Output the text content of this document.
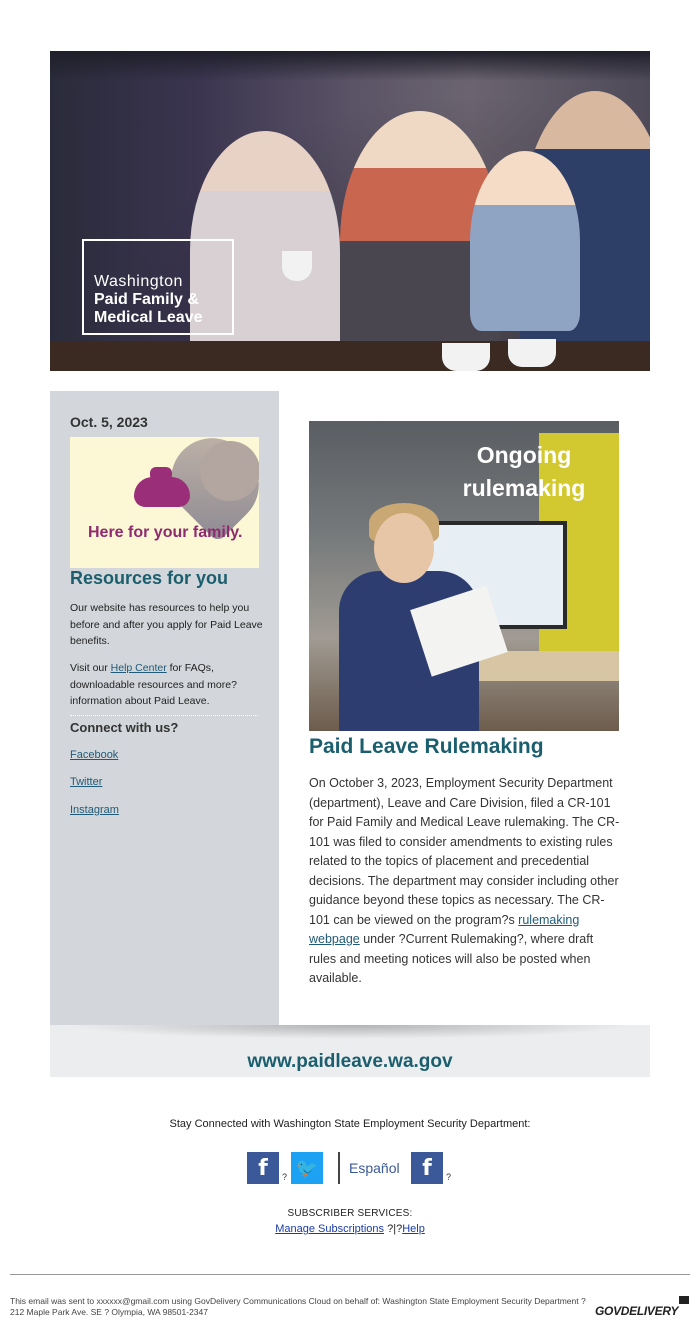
Washington
Paid Family &
Medical Leave
Oct. 5, 2023
Here for your family.
Resources for you

Our website has resources to help you before and after you apply for Paid Leave benefits.

Visit our Help Center for FAQs, downloadable resources and more? information about Paid Leave.

Connect with us?
Facebook
Twitter
Instagram
Ongoing
rulemaking
Paid Leave Rulemaking

On October 3, 2023, Employment Security Department (department), Leave and Care Division, filed a CR-101 for Paid Family and Medical Leave rulemaking. The CR-101 was filed to consider amendments to existing rules related to the topics of placement and precedential decisions. The department may consider including other guidance beyond these topics as necessary. The CR-101 can be viewed on the program?s rulemaking webpage under ?Current Rulemaking?, where draft rules and meeting notices will also be posted when available.

www.paidleave.wa.gov
Stay Connected with Washington State Employment Security Department:
f	? 🐦	Español	f	?
SUBSCRIBER SERVICES:
Manage Subscriptions ?|?Help
This email was sent to xxxxxx@gmail.com using GovDelivery Communications Cloud on behalf of: Washington State Employment Security Department ? 212 Maple Park Ave. SE ? Olympia, WA 98501-2347	GOVDELIVERY
